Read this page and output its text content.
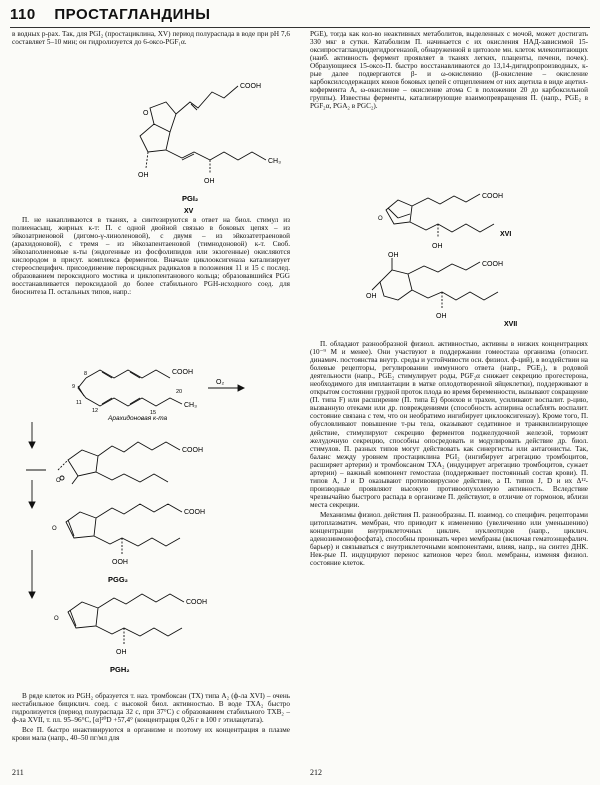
110 ПРОСТАГЛАНДИНЫ

в водных р-рах. Так, для PGI₂ (простациклина, XV) период полураспада в воде при pH 7,6 составляет 5–10 мин; он гидролизуется до 6-оксо-PGF₁α.

COOH
CH₃
OH
OH
O
PGI₂
XV

П. не накапливаются в тканях, а синтезируются в ответ на биол. стимул из полиенасыщ. жирных к-т: П. с одной двойной связью в боковых цепях – из эйкозатриеновой (дигомо-γ-линоленовой), с двумя – из эйкозатетраеновой (арахидоновой), с тремя – из эйкозапентаеновой (тимнодоновой) к-т. Своб. эйкозаполиеновые к-ты (эндогенные из фосфолипидов или экзогенные) окисляются кислородом в присут. комплекса ферментов. Вначале циклооксигеназа катализирует стереоспецифич. присоединение пероксидных радикалов в положения 11 и 15 с послед. образованием пероксидного мостика и циклопентанового кольца; образовавшийся PGG восстанавливается пероксидазой до более стабильного PGH-исходного соед. для биосинтеза П. остальных типов, напр.:

COOH
CH₃
20
9
8
11
12	15
Арахидоновая к-та
O₂
COOH
O
COOH
O
OOH
PGG₂
COOH
O
OH
PGH₂

В ряде клеток из PGH₂ образуется т. наз. тромбоксан (TX) типа A₂ (ф-ла XVI) – очень нестабильное бициклич. соед. с высокой биол. активностью. В воде TXA₂ быстро гидролизуется (период полураспада 32 с, при 37°C) с образованием стабильного TXB₂ – ф-ла XVII, т. пл. 95–96°C, [α]²⁰D +57,4° (концентрация 0,26 г в 100 г этилацетата).

Все П. быстро инактивируются в организме и поэтому их концентрация в плазме крови мала (напр., 40–50 пг/мл для

PGE), тогда как кол-во неактивных метаболитов, выделенных с мочой, может достигать 330 мкг в сутки. Катаболизм П. начинается с их окисления НАД-зависимой 15-оксипростагландиндегидрогеназой, обнаруженной в цитозоле мн. клеток млекопитающих (наиб. активность фермент проявляет в тканях легких, плаценты, печени, почек). Образующиеся 15-оксо-П. быстро восстанавливаются до 13,14-дигидропроизводных, к-рые далее подвергаются β- и ω-окислению (β-окисление – окисление карбоксилсодержащих конов боковых цепей с отщеплением от них ацетила в виде ацетил-кофермента А, ω-окисление – окисление атома C в положении 20 до карбоксильной группы). Известны ферменты, катализирующие взаимопревращения П. (напр., PGE₂ в PGF₂α, PGA₂ в PGC₂).

COOH
O
OH
XVI
OH
OH
COOH
OH
XVII

П. обладают разнообразной физиол. активностью, активны в низких концентрациях (10⁻⁹ М и менее). Они участвуют в поддержании гомеостаза организма (относит. динамич. постоянства внутр. среды и устойчивости осн. физиол. ф-ций), в воздействии на болевые рецепторы, регулировании иммунного ответа (напр., PGE₁), в родовой деятельности (напр., PGE₂ стимулирует роды, PGF₂α снижает секрецию прогестерона, необходимого для имплантации в матке оплодотворенной яйцеклетки), поддерживают в открытом состоянии грудной проток плода во время беременности, вызывают сокращение (П. типа F) или расширение (П. типа E) бронхов и трахеи, усиливают воспалит. р-цию, вызванную отеками или др. повреждениями (способность аспирина ослаблять воспалит. состояние связана с тем, что он необратимо ингибирует циклооксигеназу). Кроме того, П. обусловливают повышение т-ры тела, оказывают седативное и транквилизирующее действие, стимулируют секрецию ферментов поджелудочной железой, тормозят желудочную секрецию, способны опосредовать и модулировать действие др. биол. стимулов. П. разных типов могут действовать как синергисты или антагонисты. Так, баланс между уровнем простациклина PGI₂ (ингибирует агрегацию тромбоцитов, расширяет артерии) и тромбоксаном TXA₂ (индуцирует агрегацию тромбоцитов, сужает артерии) – важный компонент гемостаза (поддерживает постоянный состав крови). П. типов A, J и D оказывают противовирусное действие, а П. типов J, D и их Δ¹²-производные проявляют высокую противоопухолевую активность. Вследствие чрезвычайно быстрого распада в организме П. действуют, в отличие от гормонов, вблизи места секреции.

Механизмы физиол. действия П. разнообразны. П. взаимод. со специфич. рецепторами цитоплазматич. мембран, что приводит к изменению (увеличению или уменьшению) концентрации внутриклеточных циклич. нуклеотидов (напр., циклич. аденозинмонофосфата), способны проникать через мембраны (включая гематоэнцефалич. барьер) и связываться с внутриклеточными компонентами, влияя, напр., на синтез ДНК. Нек-рые П. индуцируют перенос катионов через биол. мембраны, изменяя физиол. состояние клеток.

211	212
